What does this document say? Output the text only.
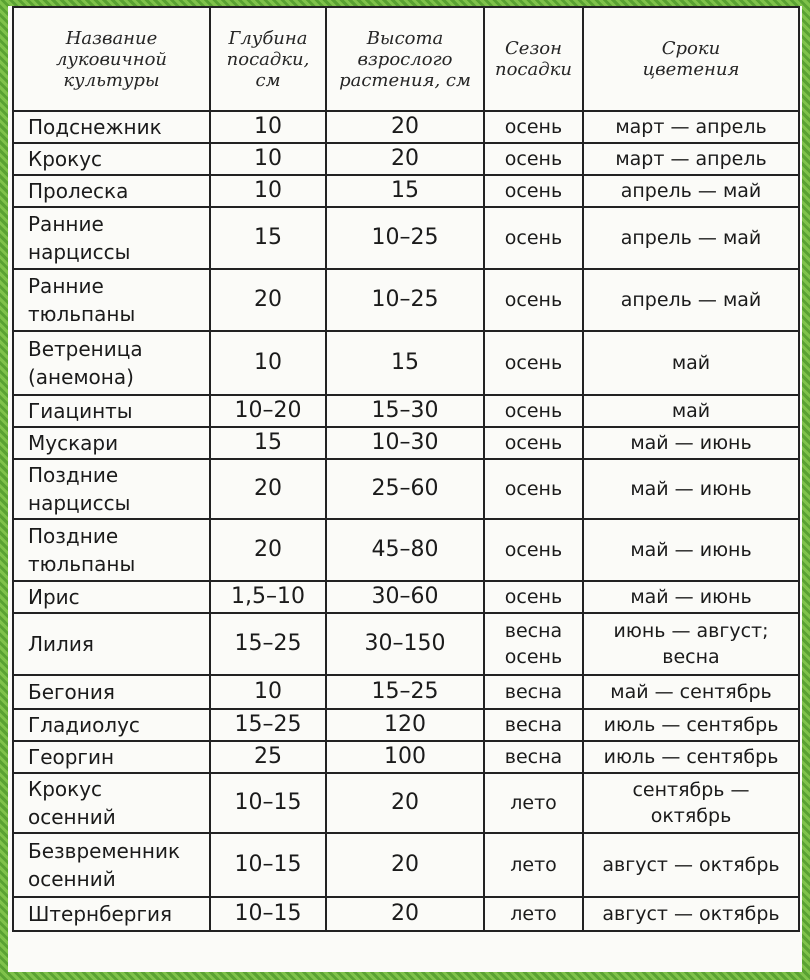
Название
луковичной
культуры	Глубина
посадки,
см	Высота
взрослого
растения, см	Сезон
посадки	Сроки
цветения

Подснежник	10	20	осень	март — апрель

Крокус	10	20	осень	март — апрель

Пролеска	10	15	осень	апрель — май

Ранние
нарциссы	15	10–25	осень	апрель — май

Ранние
тюльпаны	20	10–25	осень	апрель — май

Ветреница
(анемона)	10	15	осень	май

Гиацинты	10–20	15–30	осень	май

Мускари	15	10–30	осень	май — июнь

Поздние
нарциссы	20	25–60	осень	май — июнь

Поздние
тюльпаны	20	45–80	осень	май — июнь

Ирис	1,5–10	30–60	осень	май — июнь

Лилия	15–25	30–150	весна
осень	июнь — август;
весна

Бегония	10	15–25	весна	май — сентябрь

Гладиолус	15–25	120	весна	июль — сентябрь

Георгин	25	100	весна	июль — сентябрь

Крокус
осенний	10–15	20	лето	сентябрь —
октябрь

Безвременник
осенний	10–15	20	лето	август — октябрь

Штернбергия	10–15	20	лето	август — октябрь
